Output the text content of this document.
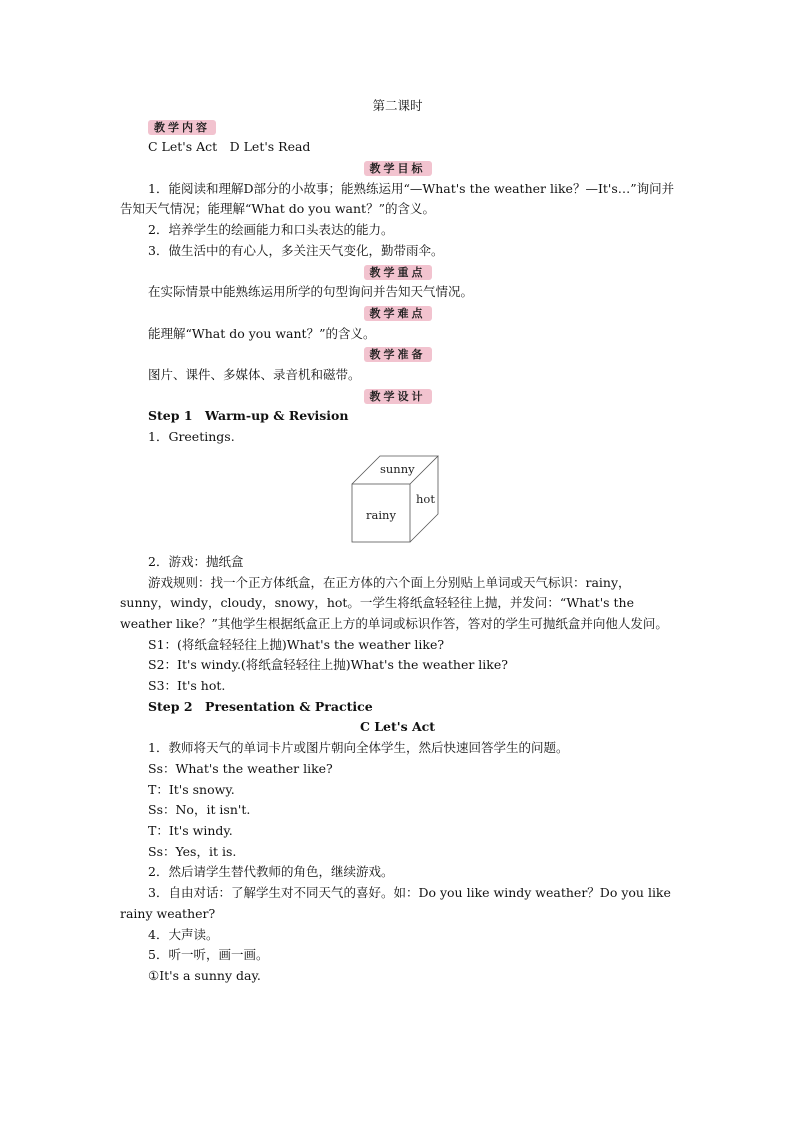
第二课时

教学内容

C Let's Act　D Let's Read

教学目标

1．能阅读和理解D部分的小故事；能熟练运用“—What's the weather like？—It's…”询问并告知天气情况；能理解“What do you want？”的含义。

2．培养学生的绘画能力和口头表达的能力。

3．做生活中的有心人，多关注天气变化，勤带雨伞。

教学重点

在实际情景中能熟练运用所学的句型询问并告知天气情况。

教学难点

能理解“What do you want？”的含义。

教学准备

图片、课件、多媒体、录音机和磁带。

教学设计

Step 1　Warm-up & Revision

1．Greetings.

sunny
rainy
hot

2．游戏：抛纸盒

游戏规则：找一个正方体纸盒，在正方体的六个面上分别贴上单词或天气标识：rainy，sunny，windy，cloudy，snowy，hot。一学生将纸盒轻轻往上抛，并发问：“What's the weather like？”其他学生根据纸盒正上方的单词或标识作答，答对的学生可抛纸盒并向他人发问。

S1：(将纸盒轻轻往上抛)What's the weather like?

S2：It's windy.(将纸盒轻轻往上抛)What's the weather like?

S3：It's hot.

Step 2　Presentation & Practice

C Let's Act

1．教师将天气的单词卡片或图片朝向全体学生，然后快速回答学生的问题。

Ss：What's the weather like?

T：It's snowy.

Ss：No，it isn't.

T：It's windy.

Ss：Yes，it is.

2．然后请学生替代教师的角色，继续游戏。

3．自由对话：了解学生对不同天气的喜好。如：Do you like windy weather？Do you like rainy weather?

4．大声读。

5．听一听，画一画。

①It's a sunny day.
